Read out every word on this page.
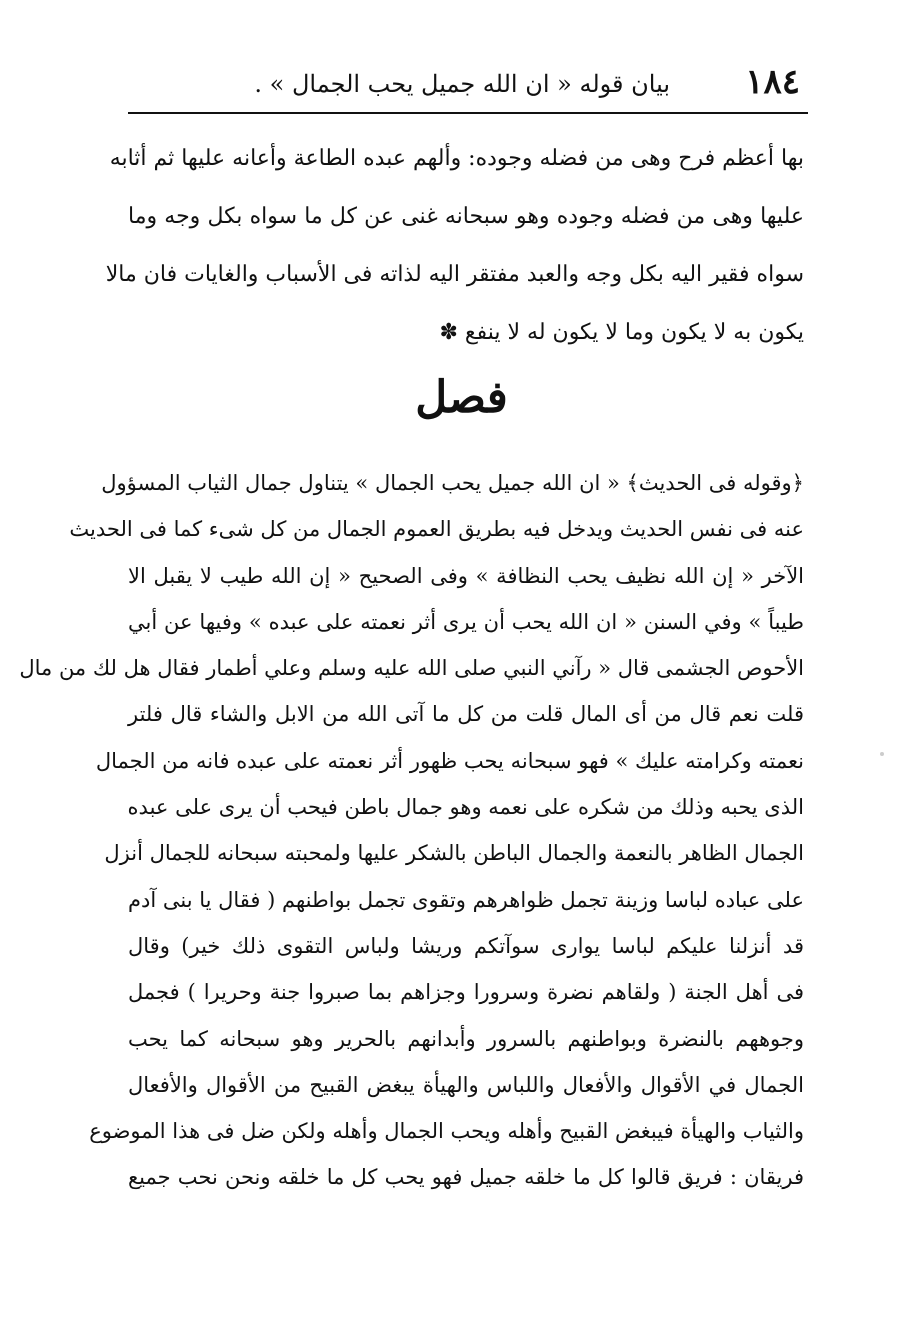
١٨٤
بيان قوله « ان الله جميل يحب الجمال » .
بها أعظم فرح وهى من فضله وجوده: وألهم عبده الطاعة وأعانه عليها ثم أثابه
عليها وهى من فضله وجوده وهو سبحانه غنى عن كل ما سواه بكل وجه وما
سواه فقير اليه بكل وجه والعبد مفتقر اليه لذاته فى الأسباب والغايات فان مالا
يكون به لا يكون وما لا يكون له لا ينفع ✽
فصل
﴿وقوله فى الحديث﴾ « ان الله جميل يحب الجمال » يتناول جمال الثياب المسؤول
عنه فى نفس الحديث ويدخل فيه بطريق العموم الجمال من كل شىء كما فى الحديث
الآخر « إن الله نظيف يحب النظافة » وفى الصحيح « إن الله طيب لا يقبل الا
طيباً » وفي السنن « ان الله يحب أن يرى أثر نعمته على عبده » وفيها عن أبي
الأحوص الجشمى قال « رآني النبي صلى الله عليه وسلم وعلي أطمار فقال هل لك من مال
قلت نعم قال من أى المال قلت من كل ما آتى الله من الابل والشاء قال فلتر
نعمته وكرامته عليك » فهو سبحانه يحب ظهور أثر نعمته على عبده فانه من الجمال
الذى يحبه وذلك من شكره على نعمه وهو جمال باطن فيحب أن يرى على عبده
الجمال الظاهر بالنعمة والجمال الباطن بالشكر عليها ولمحبته سبحانه للجمال أنزل
على عباده لباسا وزينة تجمل ظواهرهم وتقوى تجمل بواطنهم ( فقال يا بنى آدم
قد أنزلنا عليكم لباسا يوارى سوآتكم وريشا ولباس التقوى ذلك خير) وقال
فى أهل الجنة ( ولقاهم نضرة وسرورا وجزاهم بما صبروا جنة وحريرا ) فجمل
وجوههم بالنضرة وبواطنهم بالسرور وأبدانهم بالحرير وهو سبحانه كما يحب
الجمال في الأقوال والأفعال واللباس والهيأة يبغض القبيح من الأقوال والأفعال
والثياب والهيأة فيبغض القبيح وأهله ويحب الجمال وأهله ولكن ضل فى هذا الموضوع
فريقان : فريق قالوا كل ما خلقه جميل فهو يحب كل ما خلقه ونحن نحب جميع
